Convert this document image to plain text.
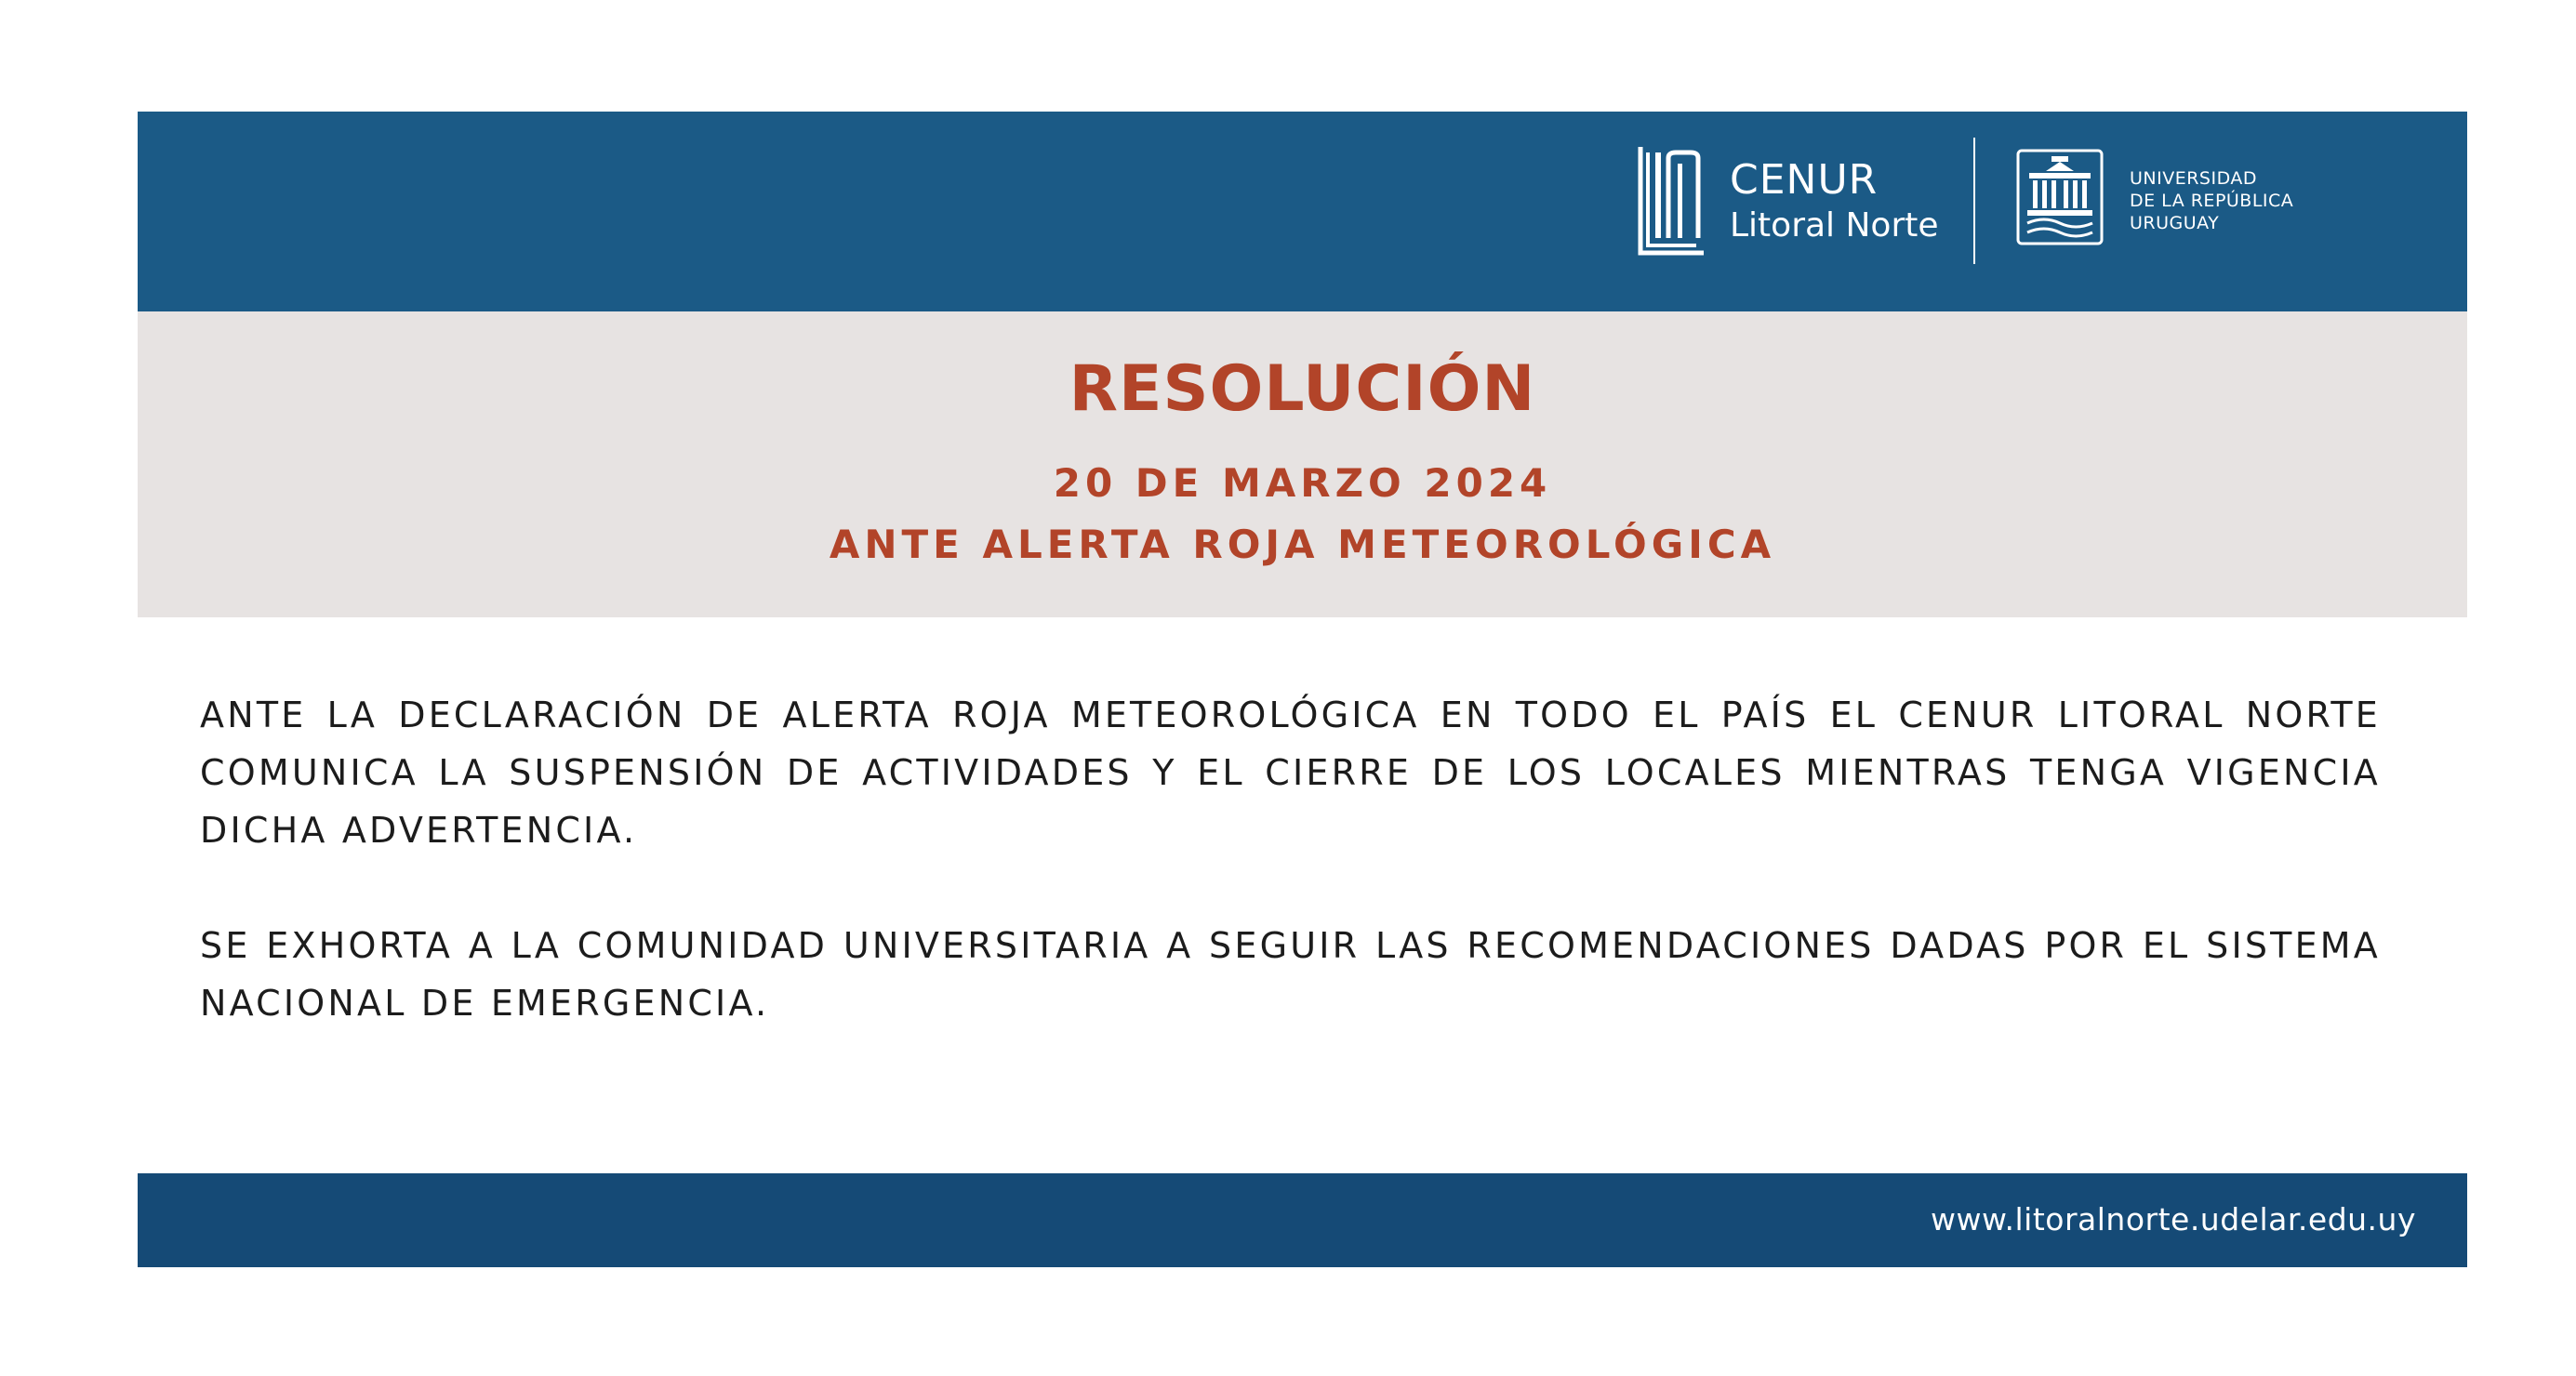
CENUR
Litoral Norte
UNIVERSIDAD
DE LA REPÚBLICA
URUGUAY
RESOLUCIÓN
20 DE MARZO 2024
ANTE ALERTA ROJA METEOROLÓGICA

ANTE LA DECLARACIÓN DE ALERTA ROJA METEOROLÓGICA EN TODO EL PAÍS EL CENUR LITORAL NORTE COMUNICA LA SUSPENSIÓN DE ACTIVIDADES Y EL CIERRE DE LOS LOCALES MIENTRAS TENGA VIGENCIA DICHA ADVERTENCIA.

SE EXHORTA A LA COMUNIDAD UNIVERSITARIA A SEGUIR LAS RECOMENDACIONES DADAS POR EL SISTEMA NACIONAL DE EMERGENCIA.

www.litoralnorte.udelar.edu.uy
